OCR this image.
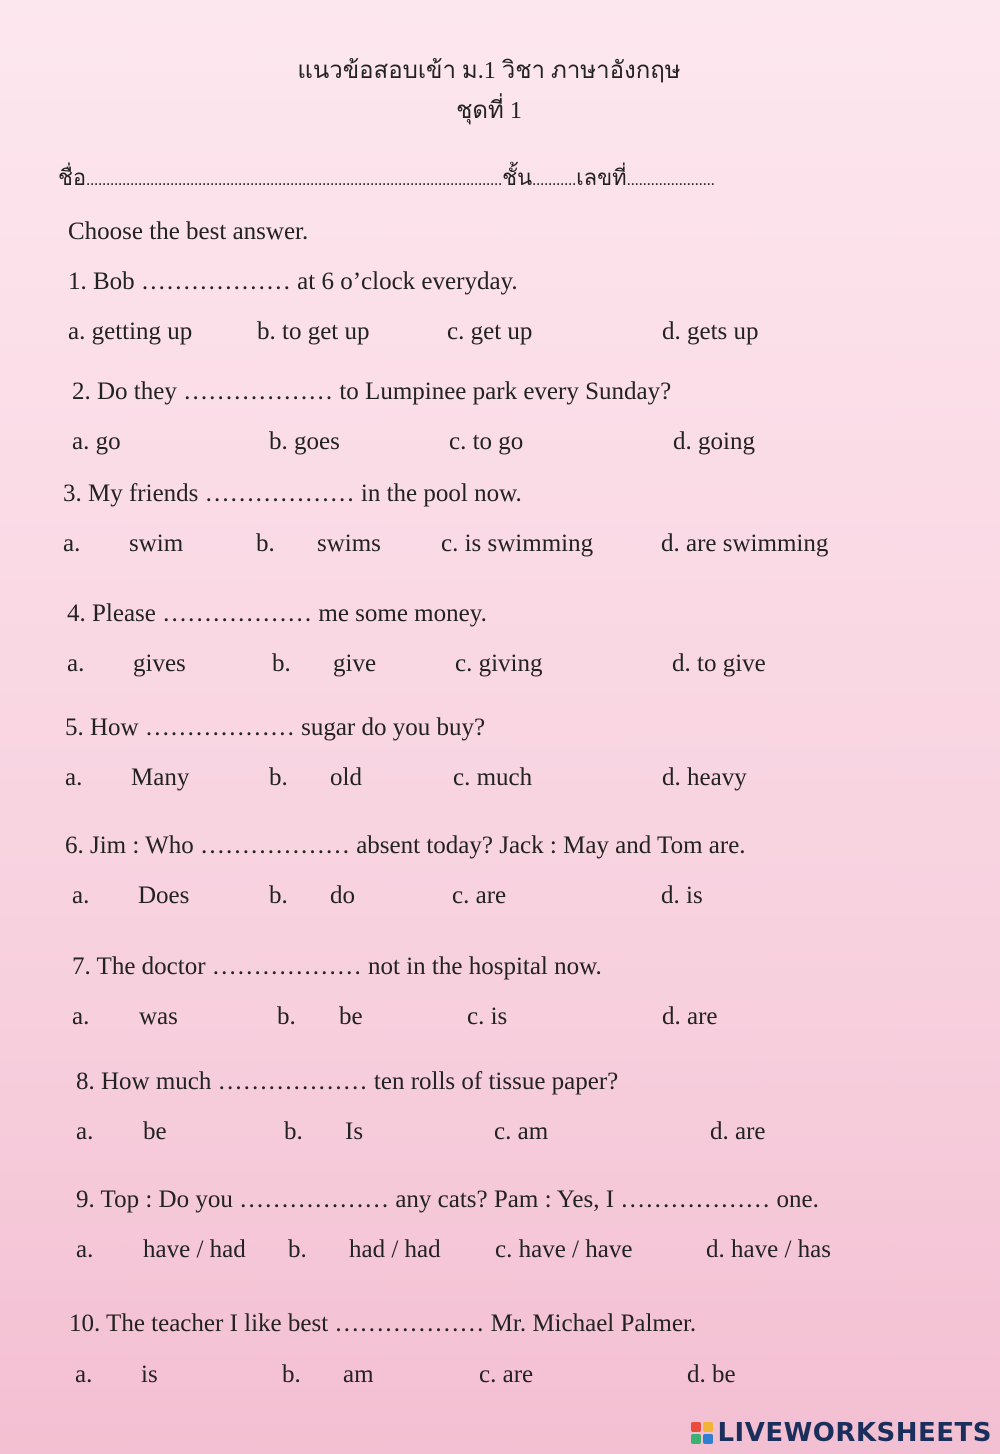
แนวข้อสอบเข้า ม.1 วิชา ภาษาอังกฤษ
ชุดที่ 1
ชื่อ........................................................................................................ชั้น...........เลขที่......................
Choose the best answer.
1. Bob ……………… at 6 o’clock everyday.
a. getting up	b. to get up	c. get up	d. gets up
2. Do they ……………… to Lumpinee park every Sunday?
a. go	b. goes	c. to go	d. going
3. My friends ……………… in the pool now.
a. swim	b. swims c. is swimming	d. are swimming
4. Please ……………… me some money.
a. gives	b. give	c. giving	d. to give
5. How ……………… sugar do you buy?
a. Many	b. old	c. much	d. heavy
6. Jim : Who ……………… absent today? Jack : May and Tom are.
a. Does	b. do	c. are	d. is
7. The doctor ……………… not in the hospital now.
a. was	b. be	c. is	d. are
8. How much ……………… ten rolls of tissue paper?
a. be	b. Is	c. am	d. are
9. Top : Do you ……………… any cats? Pam : Yes, I ……………… one.
a. have / had b. had / had c. have / have	d. have / has
10. The teacher I like best ……………… Mr. Michael Palmer.
a. is	b. am	c. are	d. be
LIVEWORKSHEETS
